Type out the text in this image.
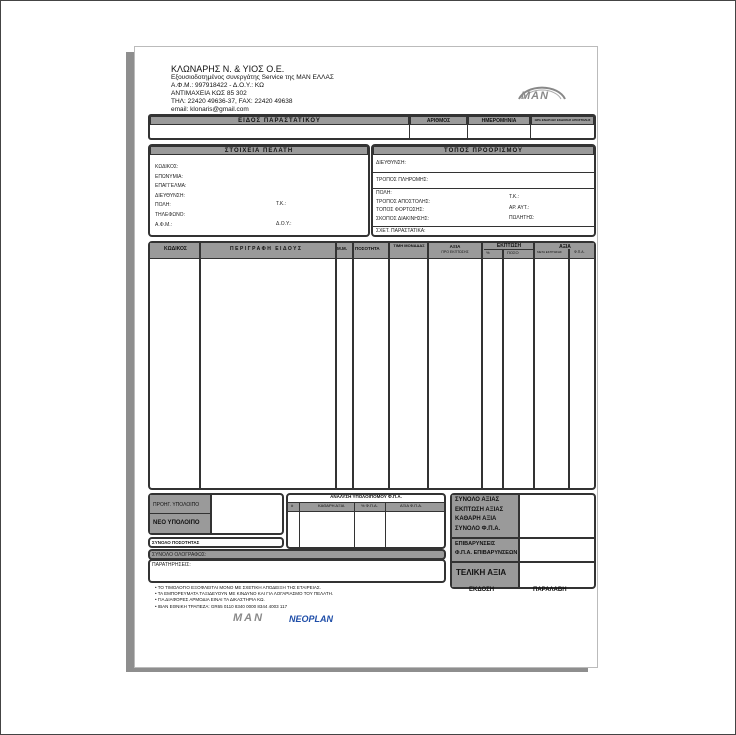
ΚΛΩΝΑΡΗΣ Ν. & ΥΙΟΣ Ο.Ε.
Εξουσιοδοτημένος συνεργάτης Service της MAN ΕΛΛΑΣ
Α.Φ.Μ.: 997918422 - Δ.Ο.Υ.: ΚΩ
ΑΝΤΙΜΑΧΕΙΑ ΚΩΣ 85 302
ΤΗΛ: 22420 49636-37, FAX: 22420 49638
email: klonaris@gmail.com
MAN
ΕΙΔΟΣ ΠΑΡΑΣΤΑΤΙΚΟΥ	ΑΡΙΘΜΟΣ	ΗΜΕΡΟΜΗΝΙΑ	ΩΡΑ ΕΝΑΡΞΗΣ ΕΚΔΟΣΗΣ ΑΠΟΣΤΟΛΗΣ
ΣΤΟΙΧΕΙΑ ΠΕΛΑΤΗ
ΚΩΔΙΚΟΣ:
ΕΠΩΝΥΜΙΑ:
ΕΠΑΓΓΕΛΜΑ:
ΔΙΕΥΘΥΝΣΗ:
ΠΟΛΗ:
ΤΗΛΕΦΩΝΟ:
Α.Φ.Μ.:
Τ.Κ.:
Δ.Ο.Υ.:
ΤΟΠΟΣ ΠΡΟΟΡΙΣΜΟΥ
ΔΙΕΥΘΥΝΣΗ:
ΤΡΟΠΟΣ ΠΛΗΡΩΜΗΣ:
ΠΟΛΗ:
ΤΡΟΠΟΣ ΑΠΟΣΤΟΛΗΣ:
ΤΟΠΟΣ ΦΟΡΤΩΣΗΣ:
ΣΚΟΠΟΣ ΔΙΑΚΙΝΗΣΗΣ:
Τ.Κ.:
ΑΡ. ΑΥΤ.:
ΠΩΛΗΤΗΣ:
ΣΧΕΤ. ΠΑΡΑΣΤΑΤΙΚΑ:
ΚΩΔΙΚΟΣ	ΠΕΡΙΓΡΑΦΗ ΕΙΔΟΥΣ	Μ.Μ. ΠΟΣΟΤΗΤΑ
ΤΙΜΗ ΜΟΝΑΔΑΣ	ΑΞΙΑ
ΠΡΟ ΕΚΠΤΩΣΗΣ
ΕΚΠΤΩΣΗ
%	ΠΟΣΟ
ΑΞΙΑ
ΜΕΤΑ ΕΚΠΤΩΣΗΣ	Φ.Π.Α.
ΠΡΟΗΓ. ΥΠΟΛΟΙΠΟ
ΝΕΟ ΥΠΟΛΟΙΠΟ
ΑΝΑΛΥΣΗ ΥΠΟΛΟΙΠΟΜΟΥ Φ.Π.Α.
#	ΚΑΘΑΡΗ ΑΞΙΑ	% Φ.Π.Α.	ΑΞΙΑ Φ.Π.Α.
ΣΥΝΟΛΟ ΠΟΣΟΤΗΤΑΣ
ΣΥΝΟΛΟ ΟΛΟΓΡΑΦΩΣ:
ΠΑΡΑΤΗΡΗΣΕΙΣ:
ΣΥΝΟΛΟ ΑΞΙΑΣ
ΕΚΠΤΩΣΗ ΑΞΙΑΣ
ΚΑΘΑΡΗ ΑΞΙΑ
ΣΥΝΟΛΟ Φ.Π.Α.
ΕΠΙΒΑΡΥΝΣΕΙΣ
Φ.Π.Α. ΕΠΙΒΑΡΥΝΣΕΩΝ
ΤΕΛΙΚΗ ΑΞΙΑ
ΕΚΔΟΣΗ	ΠΑΡΑΛΑΒΗ
• ΤΟ ΤΙΜΟΛΟΓΙΟ ΕΞΟΦΛΕΙΤΑΙ ΜΟΝΟ ΜΕ ΣΧΕΤΙΚΗ ΑΠΟΔΕΙΞΗ ΤΗΣ ΕΤΑΙΡΕΙΑΣ.
• ΤΑ ΕΜΠΟΡΕΥΜΑΤΑ ΤΑΞΙΔΕΥΟΥΝ ΜΕ ΚΙΝΔΥΝΟ ΚΑΙ ΓΙΑ ΛΟΓΑΡΙΑΣΜΟ ΤΟΥ ΠΕΛΑΤΗ.
• ΓΙΑ ΔΙΑΦΟΡΕΣ ΑΡΜΟΔΙΑ ΕΙΝΑΙ ΤΑ ΔΙΚΑΣΤΗΡΙΑ ΚΩ.
• IBAN ΕΘΝΙΚΗ ΤΡΑΠΕΖΑ: GR65 0110 8340 0000 8344 4003 117
MAN	NEOPLAN
